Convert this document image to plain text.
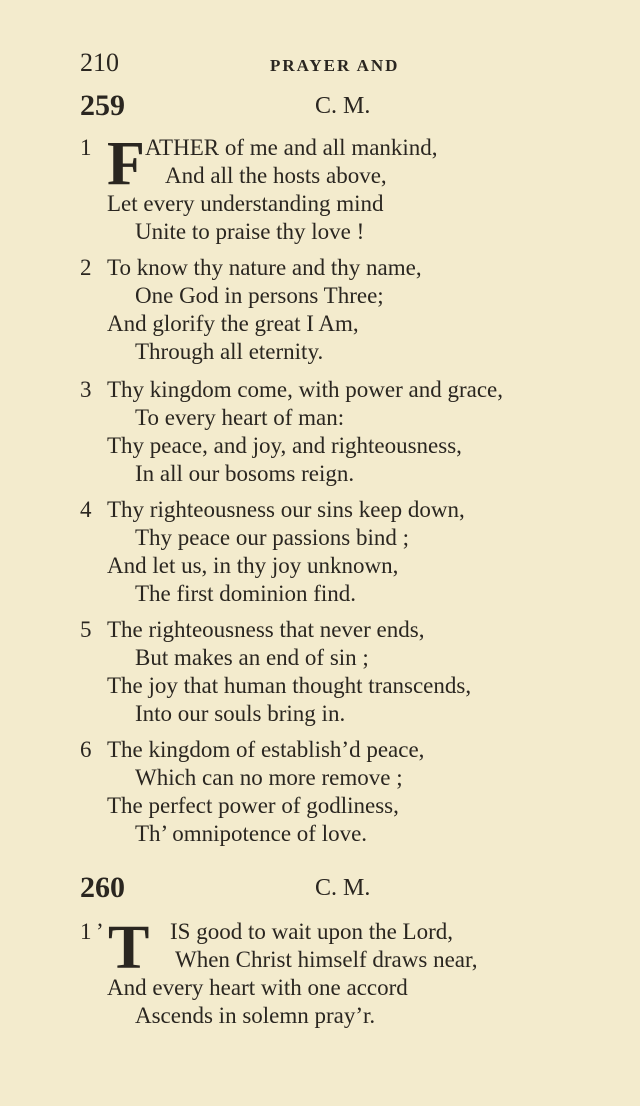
210	PRAYER AND
259	C. M.
1 F ATHER of me and all mankind,
And all the hosts above,
Let every understanding mind
Unite to praise thy love !
2 To know thy nature and thy name,
One God in persons Three;
And glorify the great I Am,
Through all eternity.
3 Thy kingdom come, with power and grace,
To every heart of man:
Thy peace, and joy, and righteousness,
In all our bosoms reign.
4 Thy righteousness our sins keep down,
Thy peace our passions bind ;
And let us, in thy joy unknown,
The first dominion find.
5 The righteousness that never ends,
But makes an end of sin ;
The joy that human thought transcends,
Into our souls bring in.
6 The kingdom of establish’d peace,
Which can no more remove ;
The perfect power of godliness,
Th’ omnipotence of love.
260	C. M.
1 ’ T IS good to wait upon the Lord,
When Christ himself draws near,
And every heart with one accord
Ascends in solemn pray’r.
